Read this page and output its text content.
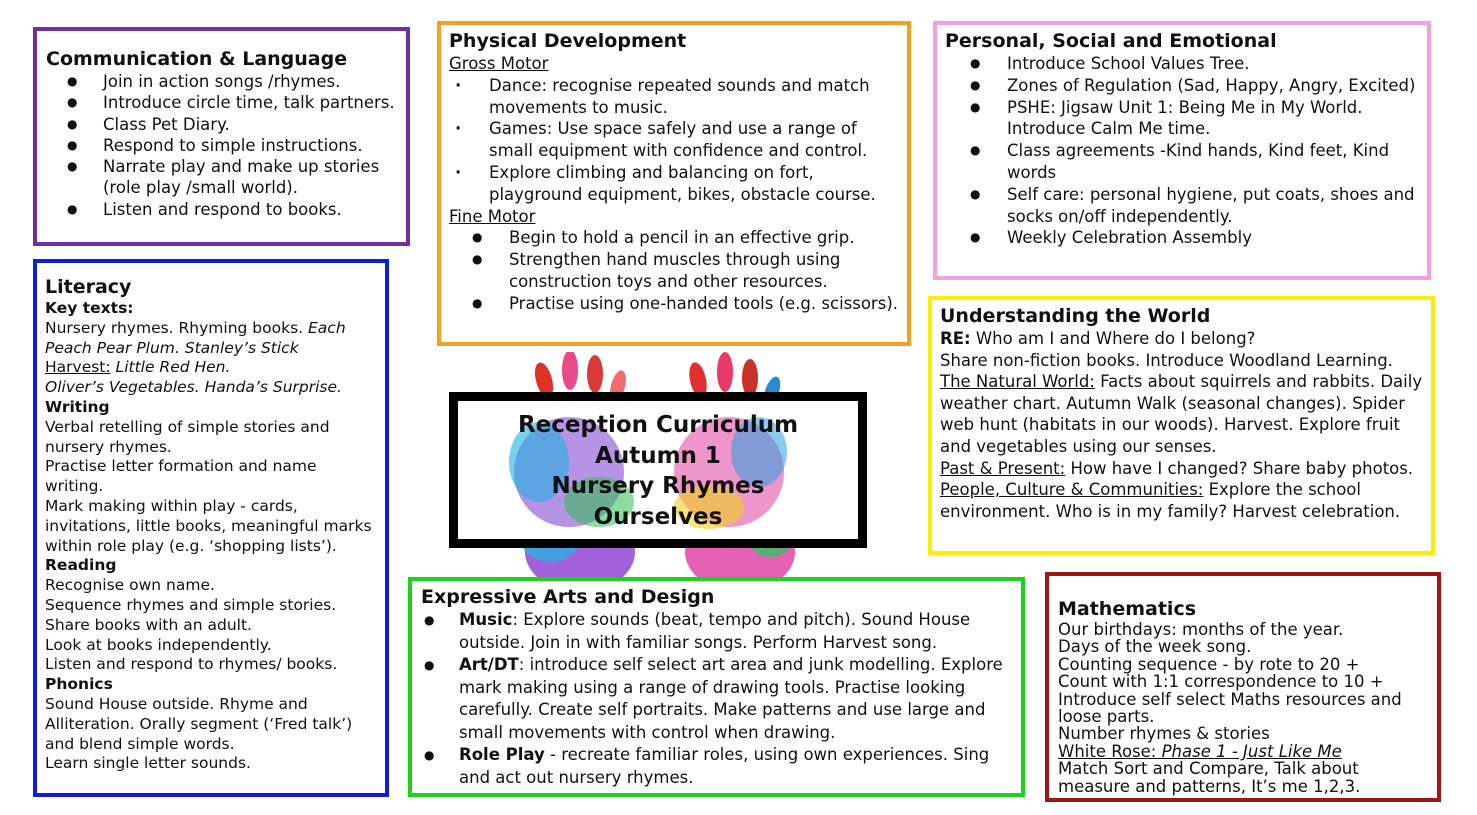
Communication & Language
● Join in action songs /rhymes.
● Introduce circle time, talk partners.
● Class Pet Diary.
● Respond to simple instructions.
● Narrate play and make up stories (role play /small world).
● Listen and respond to books.
Physical Development
Gross Motor
· Dance: recognise repeated sounds and match movements to music.
· Games: Use space safely and use a range of small equipment with confidence and control.
· Explore climbing and balancing on fort, playground equipment, bikes, obstacle course.
Fine Motor
● Begin to hold a pencil in an effective grip.
● Strengthen hand muscles through using construction toys and other resources.
● Practise using one-handed tools (e.g. scissors).
Personal, Social and Emotional
● Introduce School Values Tree.
● Zones of Regulation (Sad, Happy, Angry, Excited)
● PSHE: Jigsaw Unit 1: Being Me in My World. Introduce Calm Me time.
● Class agreements -Kind hands, Kind feet, Kind words
● Self care: personal hygiene, put coats, shoes and socks on/off independently.
● Weekly Celebration Assembly
Literacy
Key texts:
Nursery rhymes. Rhyming books. Each Peach Pear Plum. Stanley’s Stick
Harvest: Little Red Hen.
Oliver’s Vegetables. Handa’s Surprise.
Writing
Verbal retelling of simple stories and nursery rhymes.
Practise letter formation and name writing.
Mark making within play - cards, invitations, little books, meaningful marks within role play (e.g. ‘shopping lists’).
Reading
Recognise own name.
Sequence rhymes and simple stories.
Share books with an adult.
Look at books independently.
Listen and respond to rhymes/ books.
Phonics
Sound House outside. Rhyme and Alliteration. Orally segment (‘Fred talk’) and blend simple words.
Learn single letter sounds.
Reception Curriculum
Autumn 1
Nursery Rhymes
Ourselves
Understanding the World
RE: Who am I and Where do I belong?
Share non-fiction books. Introduce Woodland Learning.
The Natural World: Facts about squirrels and rabbits. Daily weather chart. Autumn Walk (seasonal changes). Spider web hunt (habitats in our woods). Harvest. Explore fruit and vegetables using our senses.
Past & Present: How have I changed? Share baby photos.
People, Culture & Communities: Explore the school environment. Who is in my family? Harvest celebration.
Expressive Arts and Design
● Music: Explore sounds (beat, tempo and pitch). Sound House outside. Join in with familiar songs. Perform Harvest song.
● Art/DT: introduce self select art area and junk modelling. Explore mark making using a range of drawing tools. Practise looking carefully. Create self portraits. Make patterns and use large and small movements with control when drawing.
● Role Play - recreate familiar roles, using own experiences. Sing and act out nursery rhymes.
Mathematics
Our birthdays: months of the year.
Days of the week song.
Counting sequence - by rote to 20 +
Count with 1:1 correspondence to 10 +
Introduce self select Maths resources and loose parts.
Number rhymes & stories
White Rose: Phase 1 - Just Like Me
Match Sort and Compare, Talk about measure and patterns, It’s me 1,2,3.
